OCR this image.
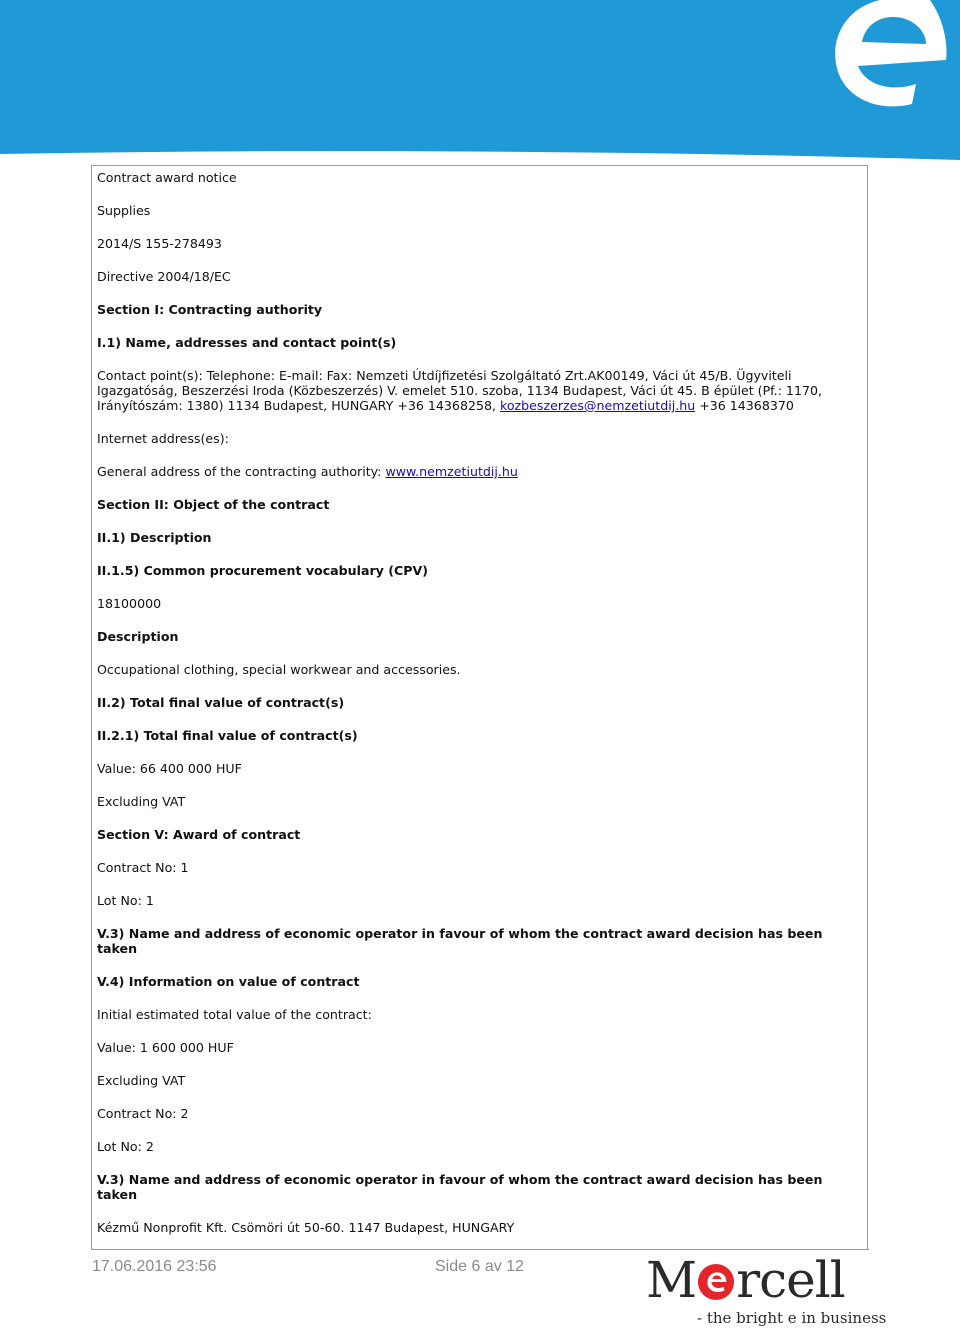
Contract award notice

Supplies

2014/S 155-278493

Directive 2004/18/EC

Section I: Contracting authority

I.1) Name, addresses and contact point(s)

Contact point(s): Telephone: E-mail: Fax: Nemzeti Útdíjfizetési Szolgáltató Zrt.AK00149, Váci út 45/B. Ügyviteli Igazgatóság, Beszerzési Iroda (Közbeszerzés) V. emelet 510. szoba, 1134 Budapest, Váci út 45. B épület (Pf.: 1170, Irányítószám: 1380) 1134 Budapest, HUNGARY +36 14368258, kozbeszerzes@nemzetiutdij.hu +36 14368370

Internet address(es):

General address of the contracting authority: www.nemzetiutdij.hu

Section II: Object of the contract

II.1) Description

II.1.5) Common procurement vocabulary (CPV)

18100000

Description

Occupational clothing, special workwear and accessories.

II.2) Total final value of contract(s)

II.2.1) Total final value of contract(s)

Value: 66 400 000 HUF

Excluding VAT

Section V: Award of contract

Contract No: 1

Lot No: 1

V.3) Name and address of economic operator in favour of whom the contract award decision has been taken

V.4) Information on value of contract

Initial estimated total value of the contract:

Value: 1 600 000 HUF

Excluding VAT

Contract No: 2

Lot No: 2

V.3) Name and address of economic operator in favour of whom the contract award decision has been taken

Kézmű Nonprofit Kft. Csömöri út 50-60. 1147 Budapest, HUNGARY

17.06.2016 23:56	Side 6 av 12 M rcell
- the bright e in business
